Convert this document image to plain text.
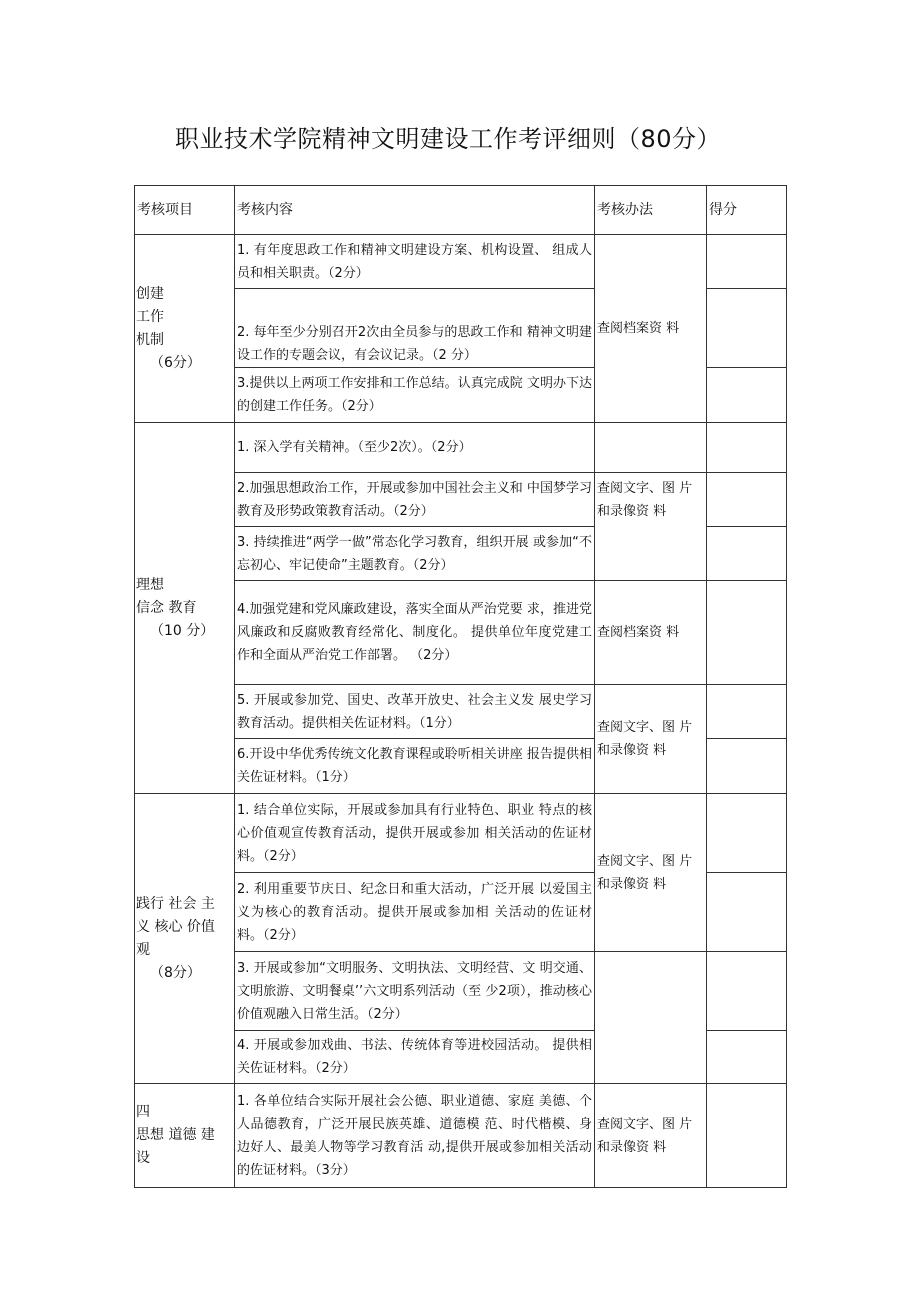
职业技术学院精神文明建设工作考评细则（80分）
考核项目	考核内容	考核办法	得分

创建
工作
机制
（6分）	1. 有年度思政工作和精神文明建设方案、机构设置、 组成人员和相关职责。（2分）	查阅档案资 料	
	2. 每年至少分别召开2次由全员参与的思政工作和 精神文明建设工作的专题会议，有会议记录。（2 分）		
	3.提供以上两项工作安排和工作总结。认真完成院 文明办下达的创建工作任务。（2分）		

理想
信念 教育
（10 分）	1. 深入学有关精神。（至少2次）。（2分）		
	2.加强思想政治工作，开展或参加中国社会主义和 中国梦学习教育及形势政策教育活动。（2分）	查阅文字、图 片和录像资 料	
	3. 持续推进“两学一做”常态化学习教育，组织开展 或参加“不忘初心、牢记使命”主题教育。（2分）		
	4.加强党建和党风廉政建设，落实全面从严治党要 求，推进党风廉政和反腐败教育经常化、制度化。 提供单位年度党建工作和全面从严治党工作部署。 （2分）	查阅档案资 料	
	5. 开展或参加党、国史、改革开放史、社会主义发 展史学习教育活动。提供相关佐证材料。（1分）	查阅文字、图 片和录像资 料	
	6.开设中华优秀传统文化教育课程或聆听相关讲座 报告提供相关佐证材料。（1分）		

践行 社会 主
义 核心 价值
观
（8分）	1. 结合单位实际，开展或参加具有行业特色、职业 特点的核心价值观宣传教育活动，提供开展或参加 相关活动的佐证材料。（2分）	查阅文字、图 片和录像资 料	
	2. 利用重要节庆日、纪念日和重大活动，广泛开展 以爱国主义为核心的教育活动。提供开展或参加相 关活动的佐证材料。（2分）		
	3. 开展或参加“文明服务、文明执法、文明经营、文 明交通、文明旅游、文明餐桌’’六文明系列活动（至 少2项），推动核心价值观融入日常生活。（2分）		
	4. 开展或参加戏曲、书法、传统体育等进校园活动。 提供相关佐证材料。（2分）		

四
思想 道德 建
设	1. 各单位结合实际开展社会公德、职业道德、家庭 美德、个人品德教育，广泛开展民族英雄、道德模 范、时代楷模、身边好人、最美人物等学习教育活 动,提供开展或参加相关活动的佐证材料。（3分）	查阅文字、图 片和录像资 料	
